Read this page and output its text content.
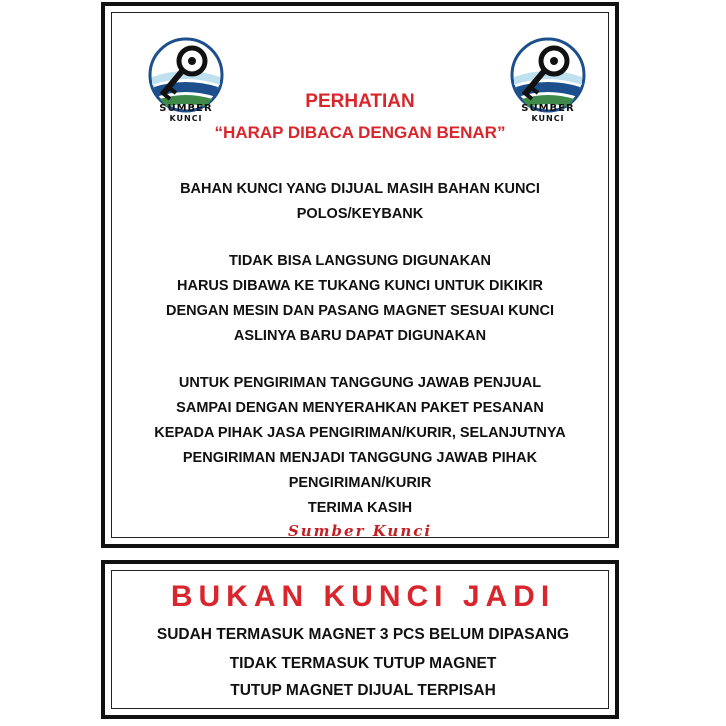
SUMBER
KUNCI
SUMBER
KUNCI
PERHATIAN
“HARAP DIBACA DENGAN BENAR”
BAHAN KUNCI YANG DIJUAL MASIH BAHAN KUNCI
POLOS/KEYBANK
TIDAK BISA LANGSUNG DIGUNAKAN
HARUS DIBAWA KE TUKANG KUNCI UNTUK DIKIKIR
DENGAN MESIN DAN PASANG MAGNET SESUAI KUNCI
ASLINYA BARU DAPAT DIGUNAKAN
UNTUK PENGIRIMAN TANGGUNG JAWAB PENJUAL
SAMPAI DENGAN MENYERAHKAN PAKET PESANAN
KEPADA PIHAK JASA PENGIRIMAN/KURIR, SELANJUTNYA
PENGIRIMAN MENJADI TANGGUNG JAWAB PIHAK
PENGIRIMAN/KURIR
TERIMA KASIH
Sumber Kunci
BUKAN KUNCI JADI
SUDAH TERMASUK MAGNET 3 PCS BELUM DIPASANG
TIDAK TERMASUK TUTUP MAGNET
TUTUP MAGNET DIJUAL TERPISAH
